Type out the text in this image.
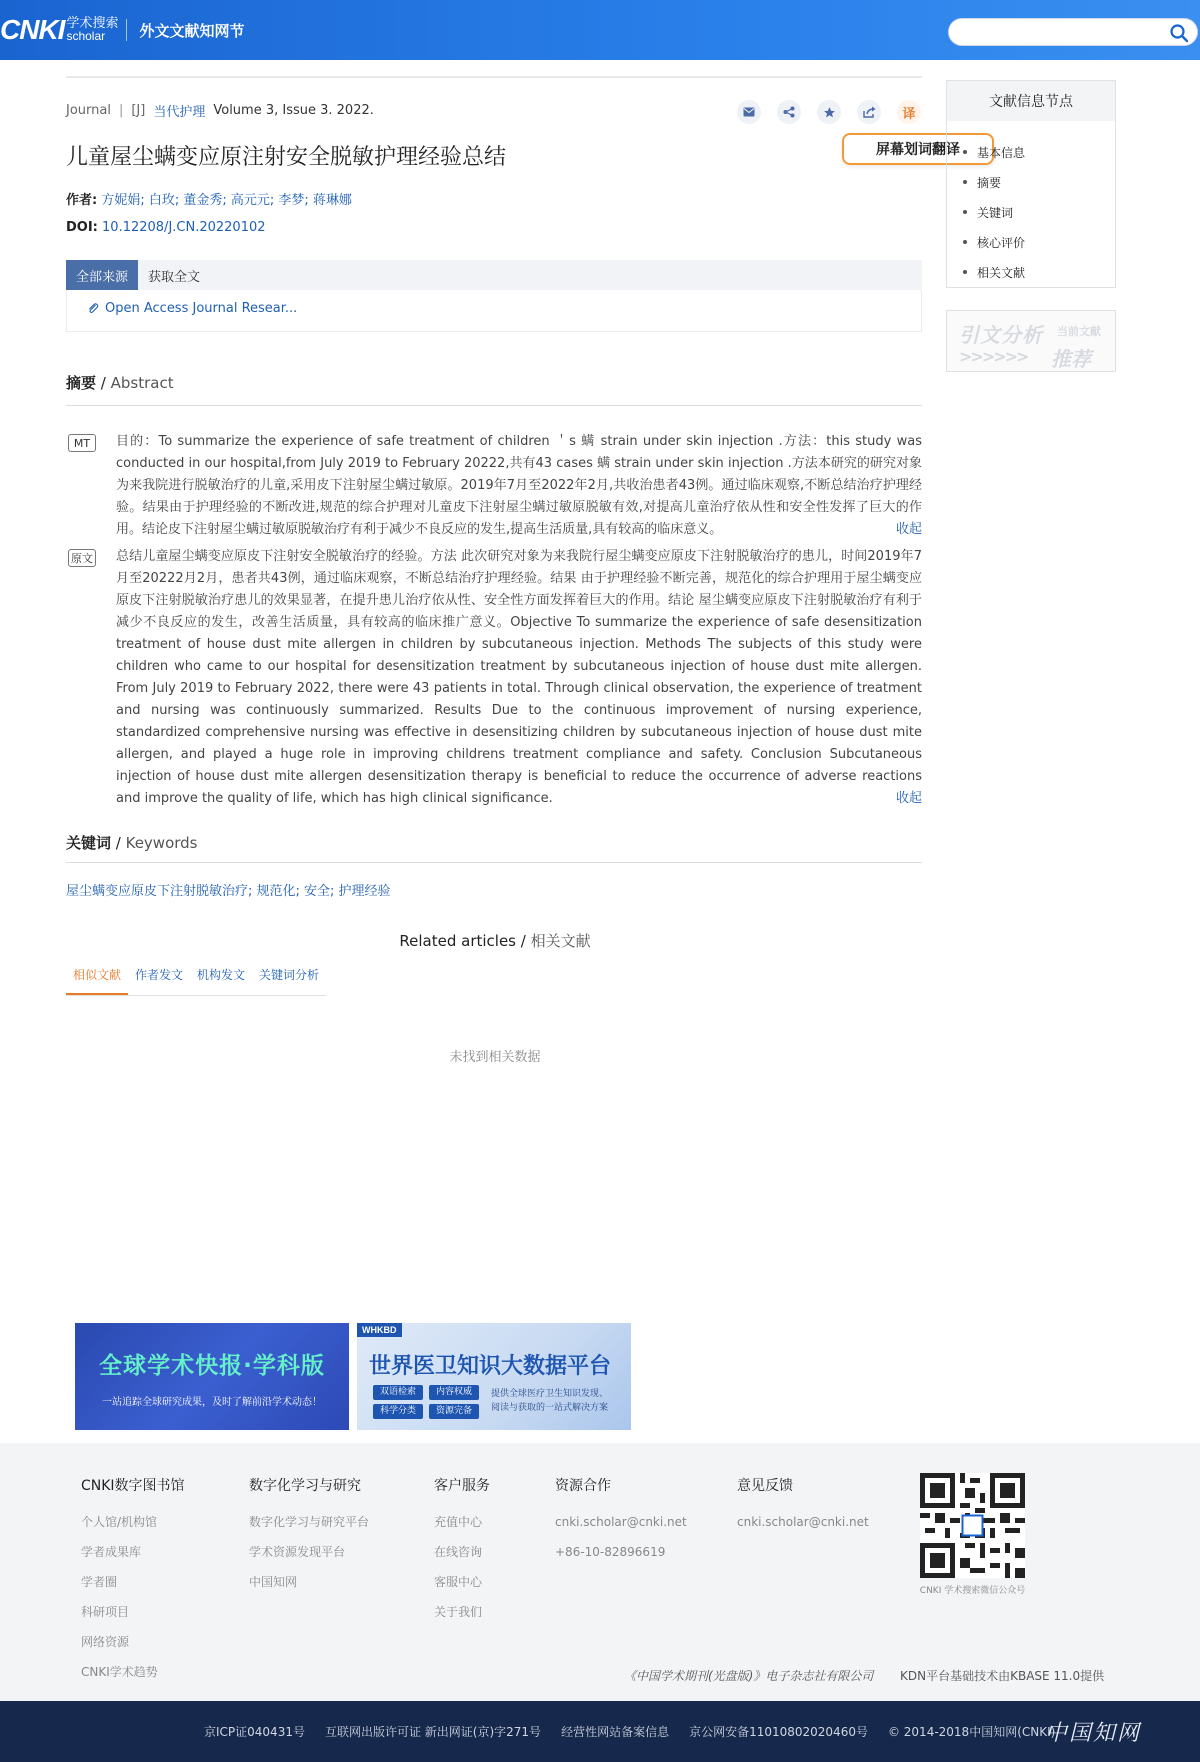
CNKI 学术搜索
scholar	外文文献知网节
Journal | [J] 当代护理 Volume 3, Issue 3. 2022.	译
屏幕划词翻译
儿童屋尘螨变应原注射安全脱敏护理经验总结
作者: 方妮娟; 白玫; 董金秀; 高元元; 李梦; 蒋琳娜
DOI: 10.12208/J.CN.20220102
全部来源	获取全文
Open Access Journal Resear...
摘要 / Abstract
MT	目的：To summarize the experience of safe treatment of children ＇s 螨 strain under skin injection .方法：this study was conducted in our hospital,from July 2019 to February 20222,共有43 cases 螨 strain under skin injection .方法本研究的研究对象为来我院进行脱敏治疗的儿童,采用皮下注射屋尘螨过敏原。2019年7月至2022年2月,共收治患者43例。通过临床观察,不断总结治疗护理经验。结果由于护理经验的不断改进,规范的综合护理对儿童皮下注射屋尘螨过敏原脱敏有效,对提高儿童治疗依从性和安全性发挥了巨大的作用。结论皮下注射屋尘螨过敏原脱敏治疗有利于减少不良反应的发生,提高生活质量,具有较高的临床意义。	收起
原文 总结儿童屋尘螨变应原皮下注射安全脱敏治疗的经验。方法 此次研究对象为来我院行屋尘螨变应原皮下注射脱敏治疗的患儿，时间2019年7月至20222月2月，患者共43例，通过临床观察，不断总结治疗护理经验。结果 由于护理经验不断完善，规范化的综合护理用于屋尘螨变应原皮下注射脱敏治疗患儿的效果显著，在提升患儿治疗依从性、安全性方面发挥着巨大的作用。结论 屋尘螨变应原皮下注射脱敏治疗有利于减少不良反应的发生，改善生活质量，具有较高的临床推广意义。Objective To summarize the experience of safe desensitization treatment of house dust mite allergen in children by subcutaneous injection. Methods The subjects of this study were children who came to our hospital for desensitization treatment by subcutaneous injection of house dust mite allergen. From July 2019 to February 2022, there were 43 patients in total. Through clinical observation, the experience of treatment and nursing was continuously summarized. Results Due to the continuous improvement of nursing experience, standardized comprehensive nursing was effective in desensitizing children by subcutaneous injection of house dust mite allergen, and played a huge role in improving childrens treatment compliance and safety. Conclusion Subcutaneous injection of house dust mite allergen desensitization therapy is beneficial to reduce the occurrence of adverse reactions and improve the quality of life, which has high clinical significance.	收起
关键词 / Keywords
屋尘螨变应原皮下注射脱敏治疗; 规范化; 安全; 护理经验
Related articles / 相关文献
相似文献	作者发文	机构发文	关键词分析
未找到相关数据
文献信息节点
基本信息
摘要
关键词
核心评价
相关文献
引文分析 当前文献
>>>>>> 推荐
全球学术快报·学科版
一站追踪全球研究成果，及时了解前沿学术动态！
WHKBD
世界医卫知识大数据平台
双语检索	内容权威
科学分类	资源完备
提供全球医疗卫生知识发现、
阅读与获取的一站式解决方案
CNKI数字图书馆
个人馆/机构馆
学者成果库
学者圈
科研项目
网络资源
CNKI学术趋势
数字化学习与研究
数字化学习与研究平台
学术资源发现平台
中国知网
客户服务
充值中心
在线咨询
客服中心
关于我们
资源合作
cnki.scholar@cnki.net
+86-10-82896619
意见反馈
cnki.scholar@cnki.net
CNKI 学术搜索微信公众号
《中国学术期刊(光盘版)》电子杂志社有限公司 KDN平台基础技术由KBASE 11.0提供
京ICP证040431号 互联网出版许可证 新出网证(京)字271号 经营性网站备案信息 京公网安备11010802020460号 © 2014-2018中国知网(CNKI)
中国知网
